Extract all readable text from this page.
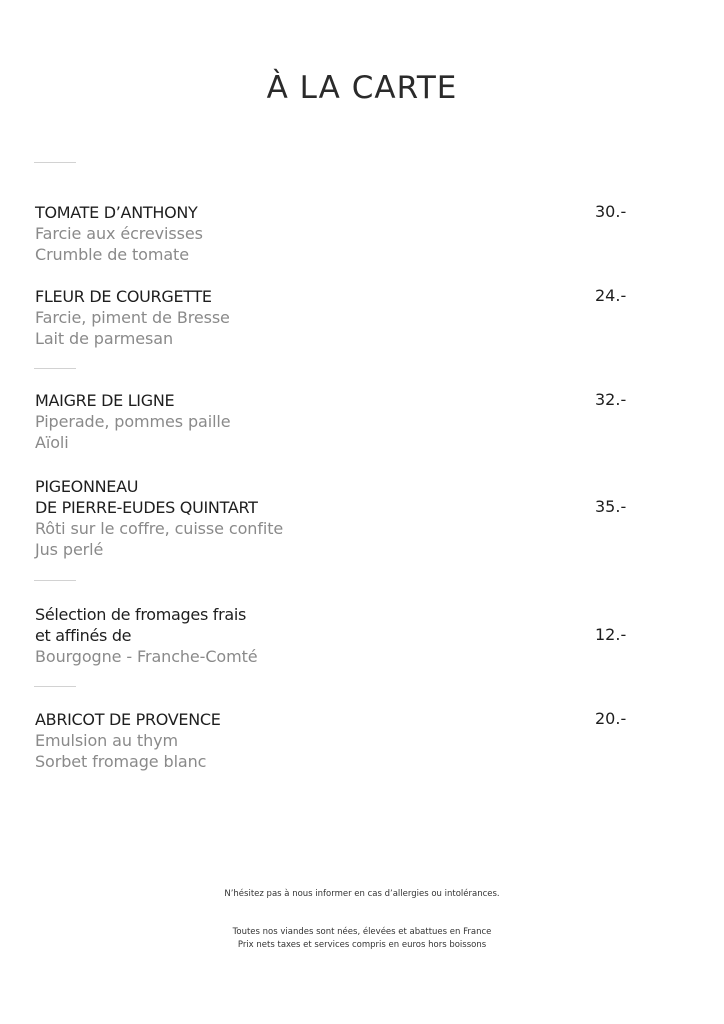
À LA CARTE
TOMATE D’ANTHONY
Farcie aux écrevisses
Crumble de tomate
30.-
FLEUR DE COURGETTE
Farcie, piment de Bresse
Lait de parmesan
24.-
MAIGRE DE LIGNE
Piperade, pommes paille
Aïoli
32.-
PIGEONNEAU
DE PIERRE-EUDES QUINTART
Rôti sur le coffre, cuisse confite
Jus perlé
35.-
Sélection de fromages frais
et affinés de
Bourgogne - Franche-Comté
12.-
ABRICOT DE PROVENCE
Emulsion au thym
Sorbet fromage blanc
20.-
N’hésitez pas à nous informer en cas d’allergies ou intolérances.
Toutes nos viandes sont nées, élevées et abattues en France
Prix nets taxes et services compris en euros hors boissons
